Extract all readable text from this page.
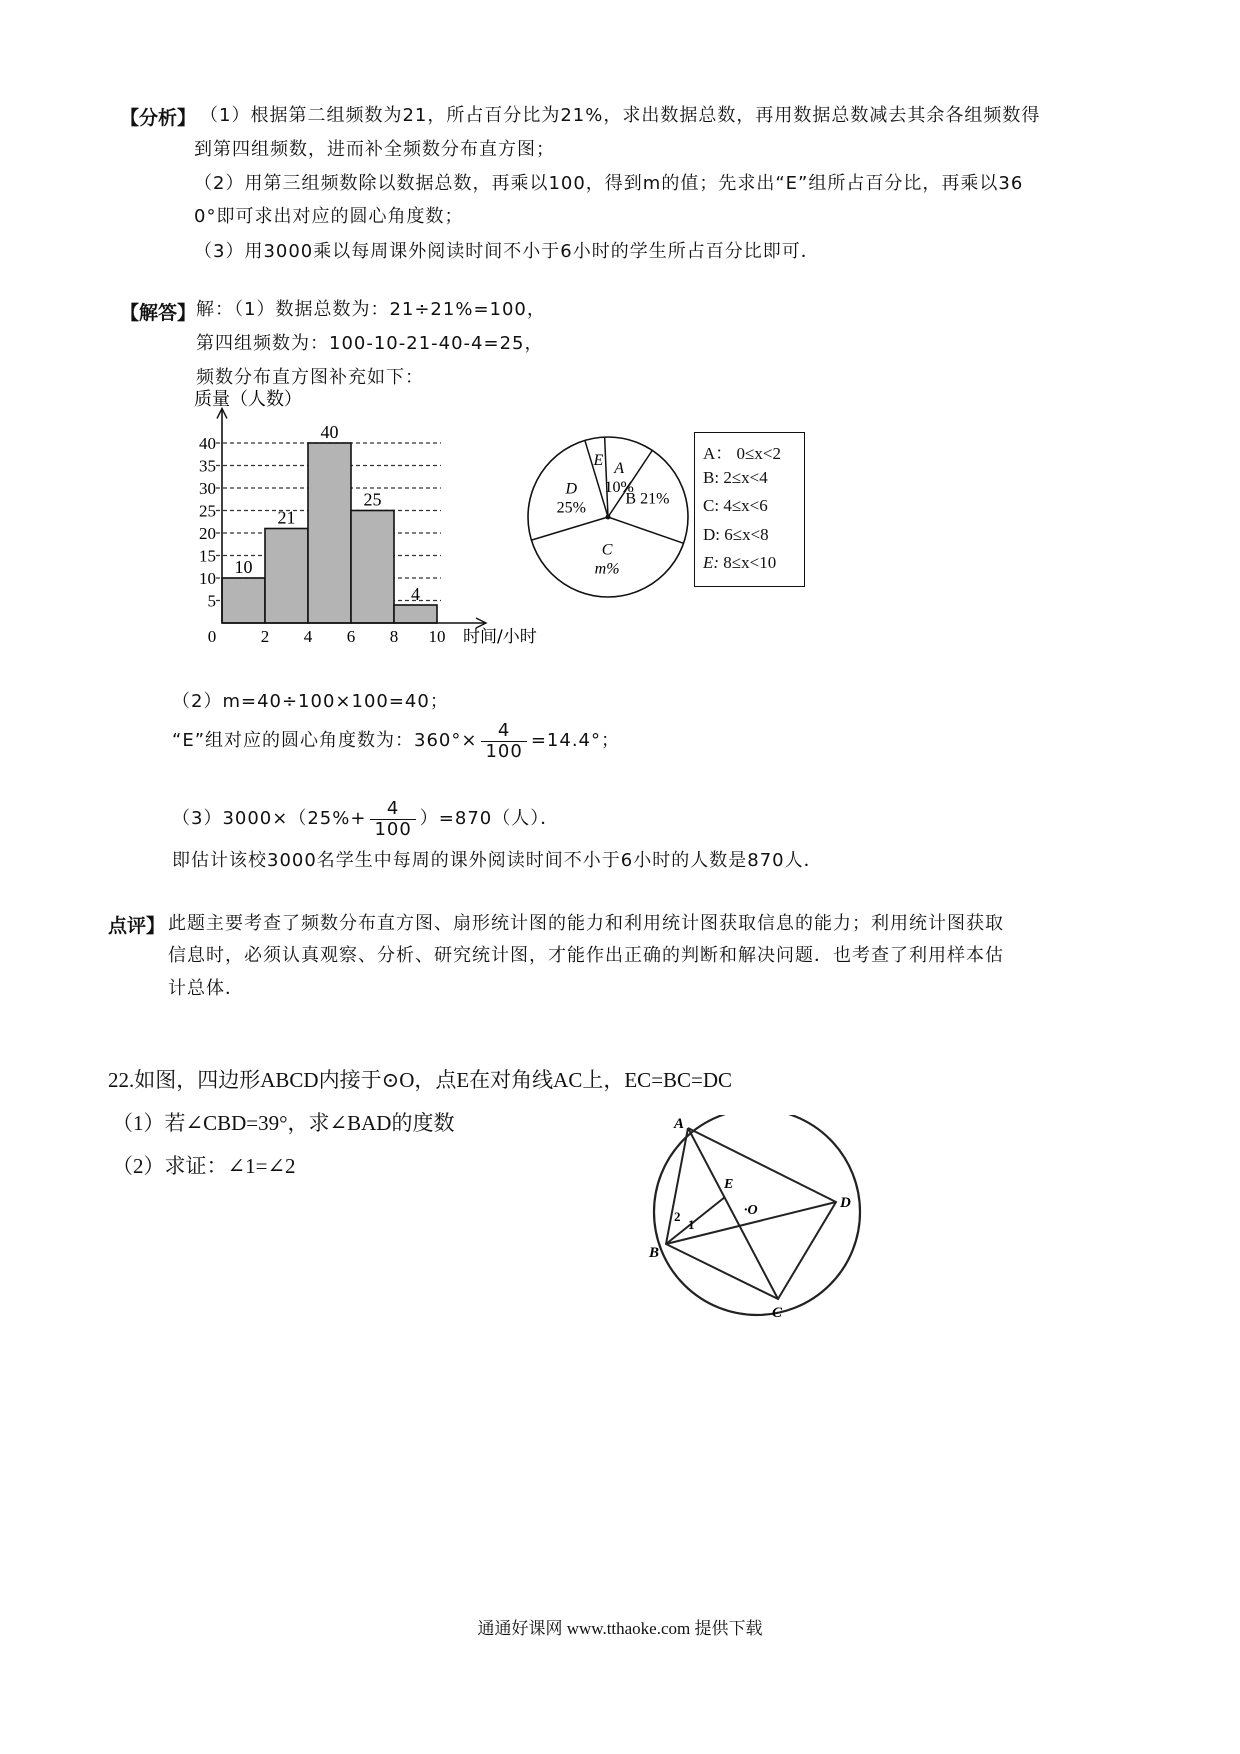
【分析】 （1）根据第二组频数为21，所占百分比为21%，求出数据总数，再用数据总数减去其余各组频数得
到第四组频数，进而补全频数分布直方图；
（2）用第三组频数除以数据总数，再乘以100，得到m的值；先求出“E”组所占百分比，再乘以36
0°即可求出对应的圆心角度数；
（3）用3000乘以每周课外阅读时间不小于6小时的学生所占百分比即可．
【解答】 解：（1）数据总数为：21÷21%=100，
第四组频数为：100-10-21-40-4=25，
频数分布直方图补充如下：
10
21
40
25
4
5
10
15
20
25
30
35
40
0	2 4 6 8 10
质量（人数）
时间/小时
A
10%
B 21%
C
m%
D
25%
E	A： 0≤x<2
B: 2≤x<4
C: 4≤x<6
D: 6≤x<8
E: 8≤x<10
（2）m=40÷100×100=40；
“E”组对应的圆心角度数为：$360^\circ\times \frac{4}{100} =14.4^\circ$；
$(3)3000\times(25\%+ \frac{4}{100} )=870$（人）．
即估计该校3000名学生中每周的课外阅读时间不小于6小时的人数是870人．
点评】 此题主要考查了频数分布直方图、扇形统计图的能力和利用统计图获取信息的能力；利用统计图获取
信息时，必须认真观察、分析、研究统计图，才能作出正确的判断和解决问题．也考查了利用样本估
计总体．
22.如图，四边形ABCD内接于⊙O，点E在对角线AC上，EC=BC=DC
（1）若∠CBD=39°，求∠BAD的度数
（2）求证：∠1=∠2
A
D
C
B
E
·O
1
2
通通好课网 www.tthaoke.com 提供下载
